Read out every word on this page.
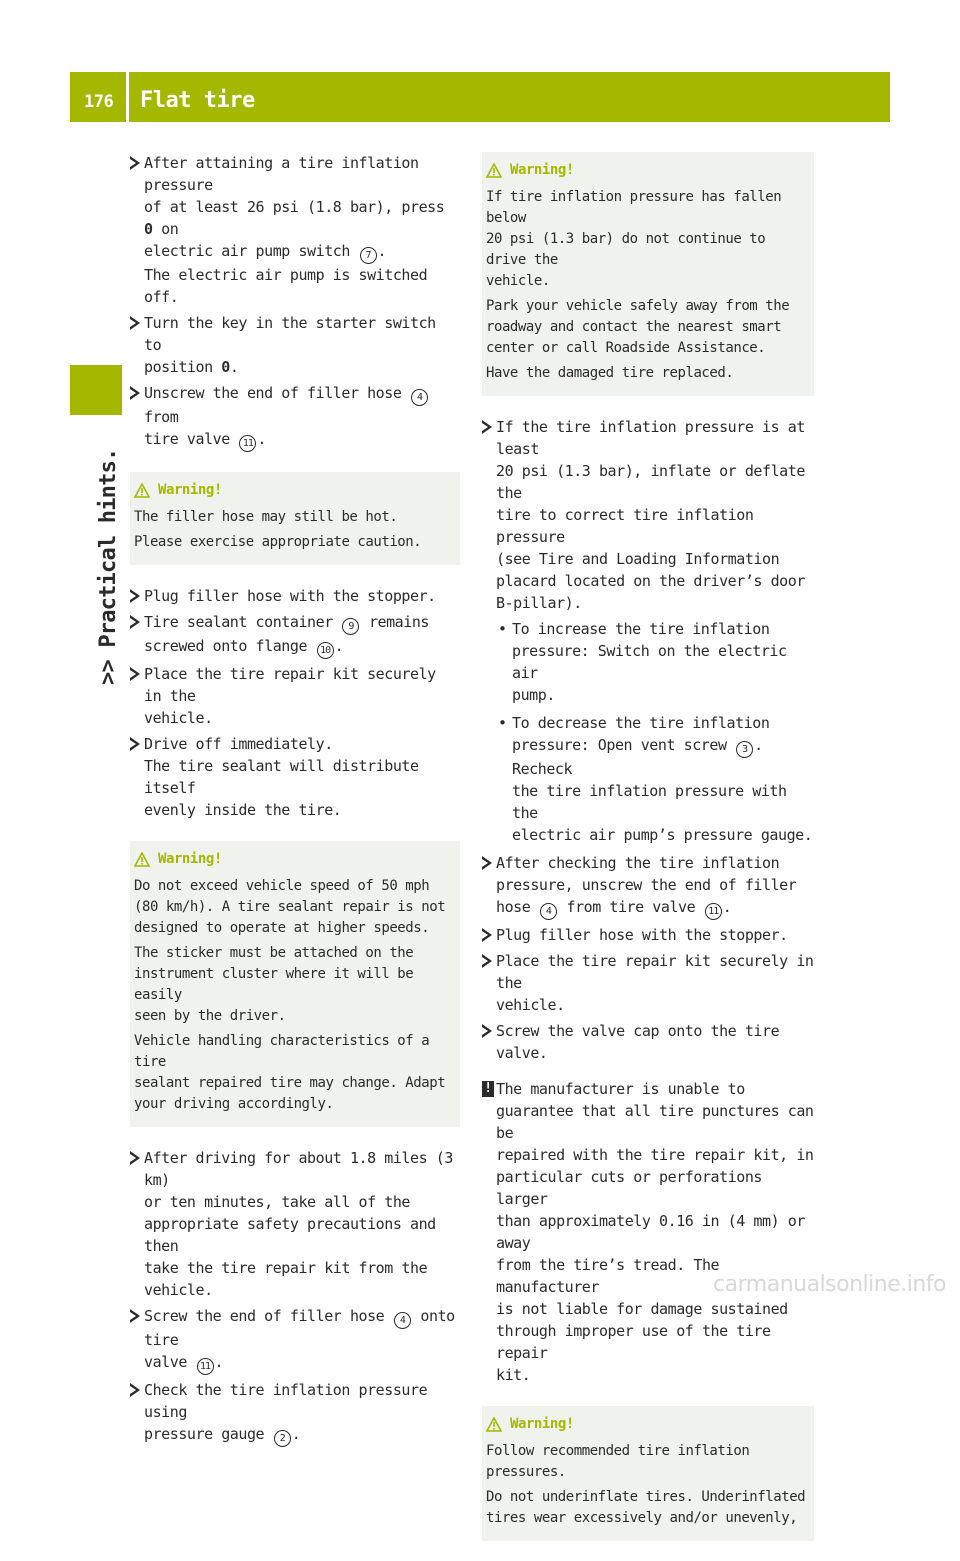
176 Flat tire
>> Practical hints.
After attaining a tire inflation pressure
of at least 26 psi (1.8 bar), press 0 on
electric air pump switch 7 .
The electric air pump is switched off.
Turn the key in the starter switch to
position 0.
Unscrew the end of filler hose 4 from
tire valve 11 .
Warning!

The filler hose may still be hot.

Please exercise appropriate caution.

Plug filler hose with the stopper.
Tire sealant container 9 remains
screwed onto flange 10 .
Place the tire repair kit securely in the
vehicle.
Drive off immediately.
The tire sealant will distribute itself
evenly inside the tire.
Warning!

Do not exceed vehicle speed of 50 mph
(80 km/h). A tire sealant repair is not
designed to operate at higher speeds.

The sticker must be attached on the
instrument cluster where it will be easily
seen by the driver.

Vehicle handling characteristics of a tire
sealant repaired tire may change. Adapt
your driving accordingly.

After driving for about 1.8 miles (3 km)
or ten minutes, take all of the
appropriate safety precautions and then
take the tire repair kit from the vehicle.
Screw the end of filler hose 4 onto tire
valve 11 .
Check the tire inflation pressure using
pressure gauge 2 .
Warning!

If tire inflation pressure has fallen below
20 psi (1.3 bar) do not continue to drive the
vehicle.

Park your vehicle safely away from the
roadway and contact the nearest smart
center or call Roadside Assistance.

Have the damaged tire replaced.

If the tire inflation pressure is at least
20 psi (1.3 bar), inflate or deflate the
tire to correct tire inflation pressure
(see Tire and Loading Information
placard located on the driver’s door
B-pillar).
• To increase the tire inflation
pressure: Switch on the electric air
pump.
• To decrease the tire inflation
pressure: Open vent screw 3 . Recheck
the tire inflation pressure with the
electric air pump’s pressure gauge.
After checking the tire inflation
pressure, unscrew the end of filler
hose 4 from tire valve 11 .
Plug filler hose with the stopper.
Place the tire repair kit securely in the
vehicle.
Screw the valve cap onto the tire valve.
! The manufacturer is unable to
guarantee that all tire punctures can be
repaired with the tire repair kit, in
particular cuts or perforations larger
than approximately 0.16 in (4 mm) or away
from the tire’s tread. The manufacturer
is not liable for damage sustained
through improper use of the tire repair
kit.
Warning!

Follow recommended tire inflation
pressures.

Do not underinflate tires. Underinflated
tires wear excessively and/or unevenly,

carmanualsonline.info
